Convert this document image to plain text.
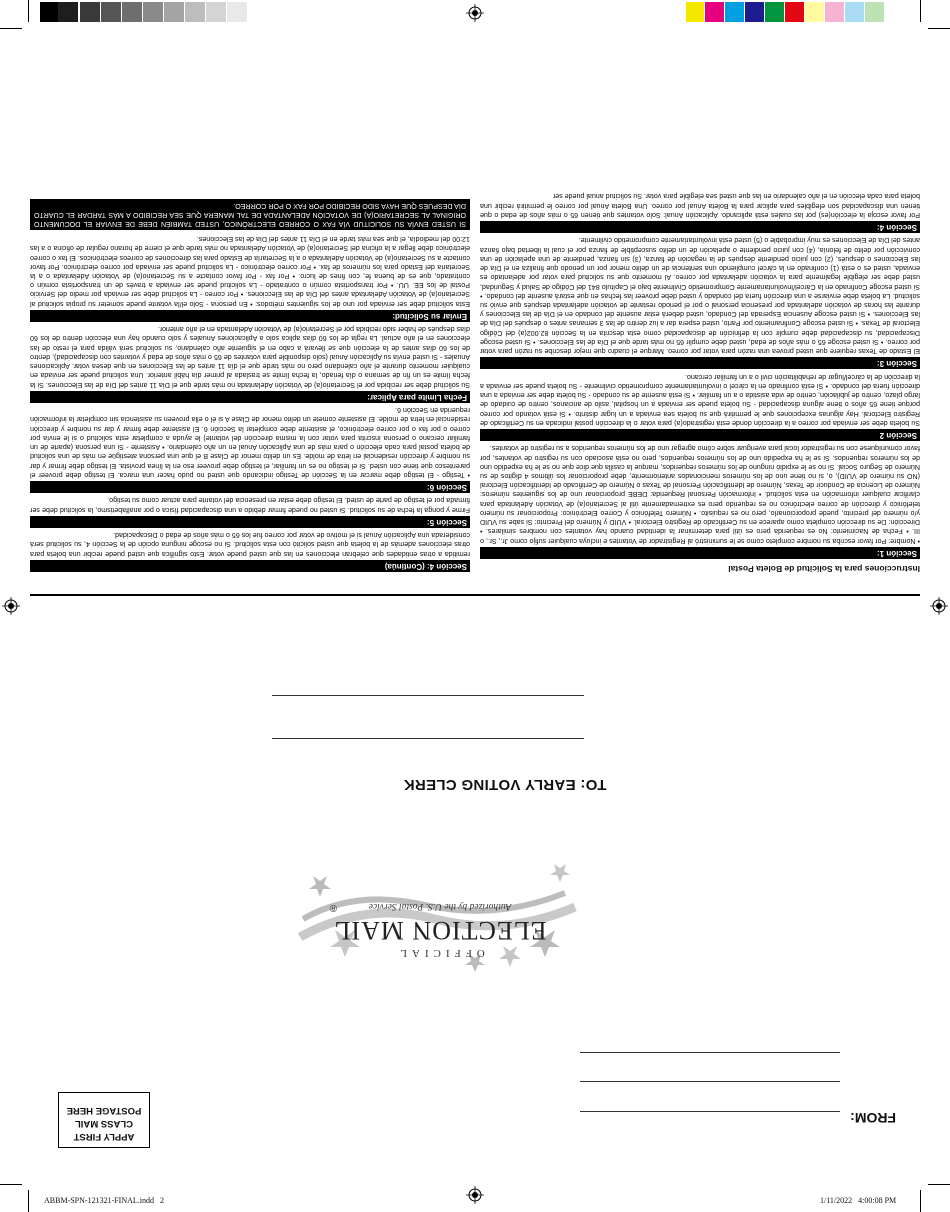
Instrucciones para la Solicitud de Boleta Postal
Sección 1:

• Nombre: Por favor escriba su nombre completo como se le suministró al Registrador de Votantes e incluya cualquier sufijo como Jr., Sr., o III. • Fecha de Nacimiento: No es requerida pero es útil para determinar la identidad cuando hay votantes con nombres similares. • Dirección: De su dirección completa como aparece en su Certificado de Registro Electoral. • VUID y Número del Precinto: Si sabe su VUID y/o número del precinto, puede proporcionarlo, pero no es requisito. • Número Telefónico y Correo Electrónico: Proporcionar su número telefónico y dirección de correo electrónico no es requerido pero es extremadamente útil al Secretario(a) de Votación Adelantada para clarificar cualquier información en esta solicitud. • Información Personal Requerida: DEBE proporcionar uno de los siguientes números: Número de Licencia de Conducir de Texas, Número de Identificación Personal de Texas o Número de Certificado de Identificación Electoral (NO su número de VUID), o, si no tiene uno de los números mencionados anteriormente, debe proporcionar los últimos 4 dígitos de su Número de Seguro Social. Si no se le expidió ninguno de los números requeridos, marque la casilla que dice que no se le ha expedido uno de los números requeridos. Si se le ha expedido uno de los números requeridos, pero no está asociado con su registro de votantes, por favor comuníquese con su registrador local para averiguar sobre cómo agregar uno de los números requeridos a su registro de votantes.

Sección 2

Su boleta debe ser enviada por correo a la dirección donde está registrado(a) para votar o la dirección postal indicada en su Certificado de Registro Electoral. Hay algunas excepciones que le permitirá que su boleta sea enviada a un lugar distinto. • Si está votando por correo porque tiene 65 años o tiene alguna discapacidad - Su boleta puede ser enviada a un hospital, asilo de ancianos, centro de cuidado de largo plazo, centro de jubilación, centro de vida asistida o a un familiar. • Si está ausente de su condado - Su boleta debe ser enviada a una dirección fuera del condado. • Si está confinado en la cárcel o involuntariamente comprometido civilmente - Su boleta puede ser enviada a la dirección de la cárcel/lugar de rehabilitación civil o a un familiar cercano.

Sección 3:

El Estado de Texas requiere que usted provea una razón para votar por correo. Marque el cuadro que mejor describe su razón para votar por correo. • Si usted escoge 65 o más años de edad, usted debe cumplir 65 no más tarde que el Día de las Elecciones. • Si usted escoge Discapacidad, su discapacidad debe cumplir con la definición de discapacidad como esta descrita en la Sección 82.002(a) del Código Electoral de Texas. • Si usted escoge Confinamiento por Parto, usted espera dar a luz dentro de las 3 semanas antes o después del Día de las Elecciones. • Si usted escoge Ausencia Esperada del Condado, usted deberá estar ausente del condado en el Día de las Elecciones y durante las horas de votación adelantada por presencia personal o por el periodo restante de votación adelantada después que envió su solicitud. La boleta debe enviarse a una dirección fuera del condado y usted debe proveer las fechas en que estará ausente del condado. • Si usted escoge Confinado en la Cárcel/Involuntariamente Comprometido Civilmente bajo el Capítulo 841 del Código de Salud y Seguridad, usted debe ser elegible legalmente para la votación adelantada por correo. Al momento que su solicitud para votar por adelantado es enviada, usted es o está (1) confinado en la cárcel cumpliendo una sentencia de un delito menor por un periodo que finaliza en el Día de las Elecciones o después, (2) con juicio pendiente después de la negación de fianza, (3) sin fianza, pendiente de una apelación de una convicción por delito de felonía, (4) con juicio pendiente o apelación de un delito susceptible de fianza por el cual la libertad bajo fianza antes del Día de Elecciones es muy improbable o (5) usted está involuntariamente comprometido civilmente.

Sección 4:

Por favor escoja la elección(es) por las cuales está aplicando. Aplicación Anual: Solo votantes que tienen 65 o más años de edad o que tienen una discapacidad son elegibles para aplicar para la Boleta Anual por correo. Una Boleta Anual por correo le permitirá recibir una boleta para cada elección en el año calendario en las que usted sea elegible para votar. Su solicitud anual puede ser

Sección 4: (Continúa)

remitida a otras entidades que celebran elecciones en las que usted puede votar. Esto significa que usted puede recibir una boleta para otras elecciones además de la boleta que usted solicitó con esta solicitud. Si no escoge ninguna opción de la Sección 4, su solicitud será considerada una Aplicación Anual si el motivo de votar por correo fue los 65 o más años de edad o Discapacidad.

Sección 5:

Firme y ponga la fecha de su solicitud. Si usted no puede firmar debido a una discapacidad física o por analfabetismo, la solicitud debe ser firmada por el testigo de parte de usted. El testigo debe estar en presencia del votante para actuar como su testigo.

Sección 6:

• Testigo - El testigo debe marcar en la Sección de Testigo indicando que usted no pudo hacer una marca. El testigo debe proveer el parentesco que tiene con usted. Si el testigo no es un familiar, el testigo debe proveer eso en la línea provista. El testigo debe firmar y dar su nombre y dirección residencial en letra de molde. Es un delito menor de Clase B el que una persona atestigüe en más de una solicitud de boleta postal para cada elección o para más de una Aplicación Anual en un año calendario. • Asistente - Si una persona (aparte de un familiar cercano o persona inscrita para votar con la misma dirección del votante) le ayuda a completar esta solicitud o si le envía por correo o por fax o por correo electrónico, el asistente debe completar la Sección 6. El asistente debe firmar y dar su nombre y dirección residencial en letra de molde. El asistente comete un delito menor de Clase A si él o ella proveen su asistencia sin completar la información requerida en Sección 6.

Fecha Límite para Aplicar:

Su solicitud debe ser recibida por el Secretario(a) de Votación Adelantada no más tarde que el Día 11 antes del Día de las Elecciones. Si la fecha límite es un fin de semana o día feriado, la fecha límite se traslada al primer día hábil anterior. Una solicitud puede ser enviada en cualquier momento durante el año calendario pero no más tarde que el día 11 antes de las Elecciones en que desea votar. Aplicaciones Anuales - Si usted envía su Aplicación Anual (solo disponible para votantes de 65 o más años de edad y votantes con discapacidad), dentro de los 60 días antes de la elección que se llevará a cabo en el siguiente año calendario, su solicitud será válida para el resto de las elecciones en el año actual. La regla de los 60 días aplica solo a Aplicaciones Anuales y solo cuando hay una elección dentro de los 60 días después de haber sido recibida por el Secretario(a) de Votación Adelantada en el año anterior.

Enviar su Solicitud:

Esta solicitud debe ser enviada por uno de los siguientes métodos: • En persona - Solo el/la votante puede someter su propia solicitud al Secretario(a) de Votación Adelantada antes del Día de las Elecciones. • Por correo - La solicitud debe ser enviada por medio del Servicio Postal de los EE. UU. • Por transportista común o contratado - La solicitud puede ser enviada a través de un transportista común o contratado, que es de buena fe, con fines de lucro. • Por fax - Por favor contacte a su Secretario(a) de Votación Adelantada o a la Secretaría del Estado para los números de fax. • Por correo electrónico - La solicitud puede ser enviada por correo electrónico. Por favor contacte a su Secretario(a) de Votación Adelantada o a la Secretaría de Estado para las direcciones de correos electrónicos. El fax o correo electrónico debe llegar a la oficina del Secretario(a) de Votación Adelantada no más tarde que el cierre de horario regular de oficina o a las 12:00 del mediodía, el que sea más tarde en el Día 11 antes del Día de las Elecciones.

SI USTED ENVÍA SU SOLICITUD VÍA FAX O CORREO ELECTRÓNICO, USTED TAMBIÉN DEBE DE ENVIAR EL DOCUMENTO ORIGINAL AL SECRETARIO(A) DE VOTACIÓN ADELANTADA DE TAL MANERA QUE SEA RECIBIDO A MÁS TARDAR EL CUARTO DÍA DESPUÉS QUE HAYA SIDO RECIBIDO POR FAX O POR CORREO.
TO: EARLY VOTING CLERK
OFFICIAL
ELECTION MAIL
Authorized by the U.S. Postal Service
®
FROM:
APPLY FIRST
CLASS MAIL
POSTAGE HERE
ABBM-SPN-121321-FINAL.indd   2	1/11/2022   4:00:08 PM
